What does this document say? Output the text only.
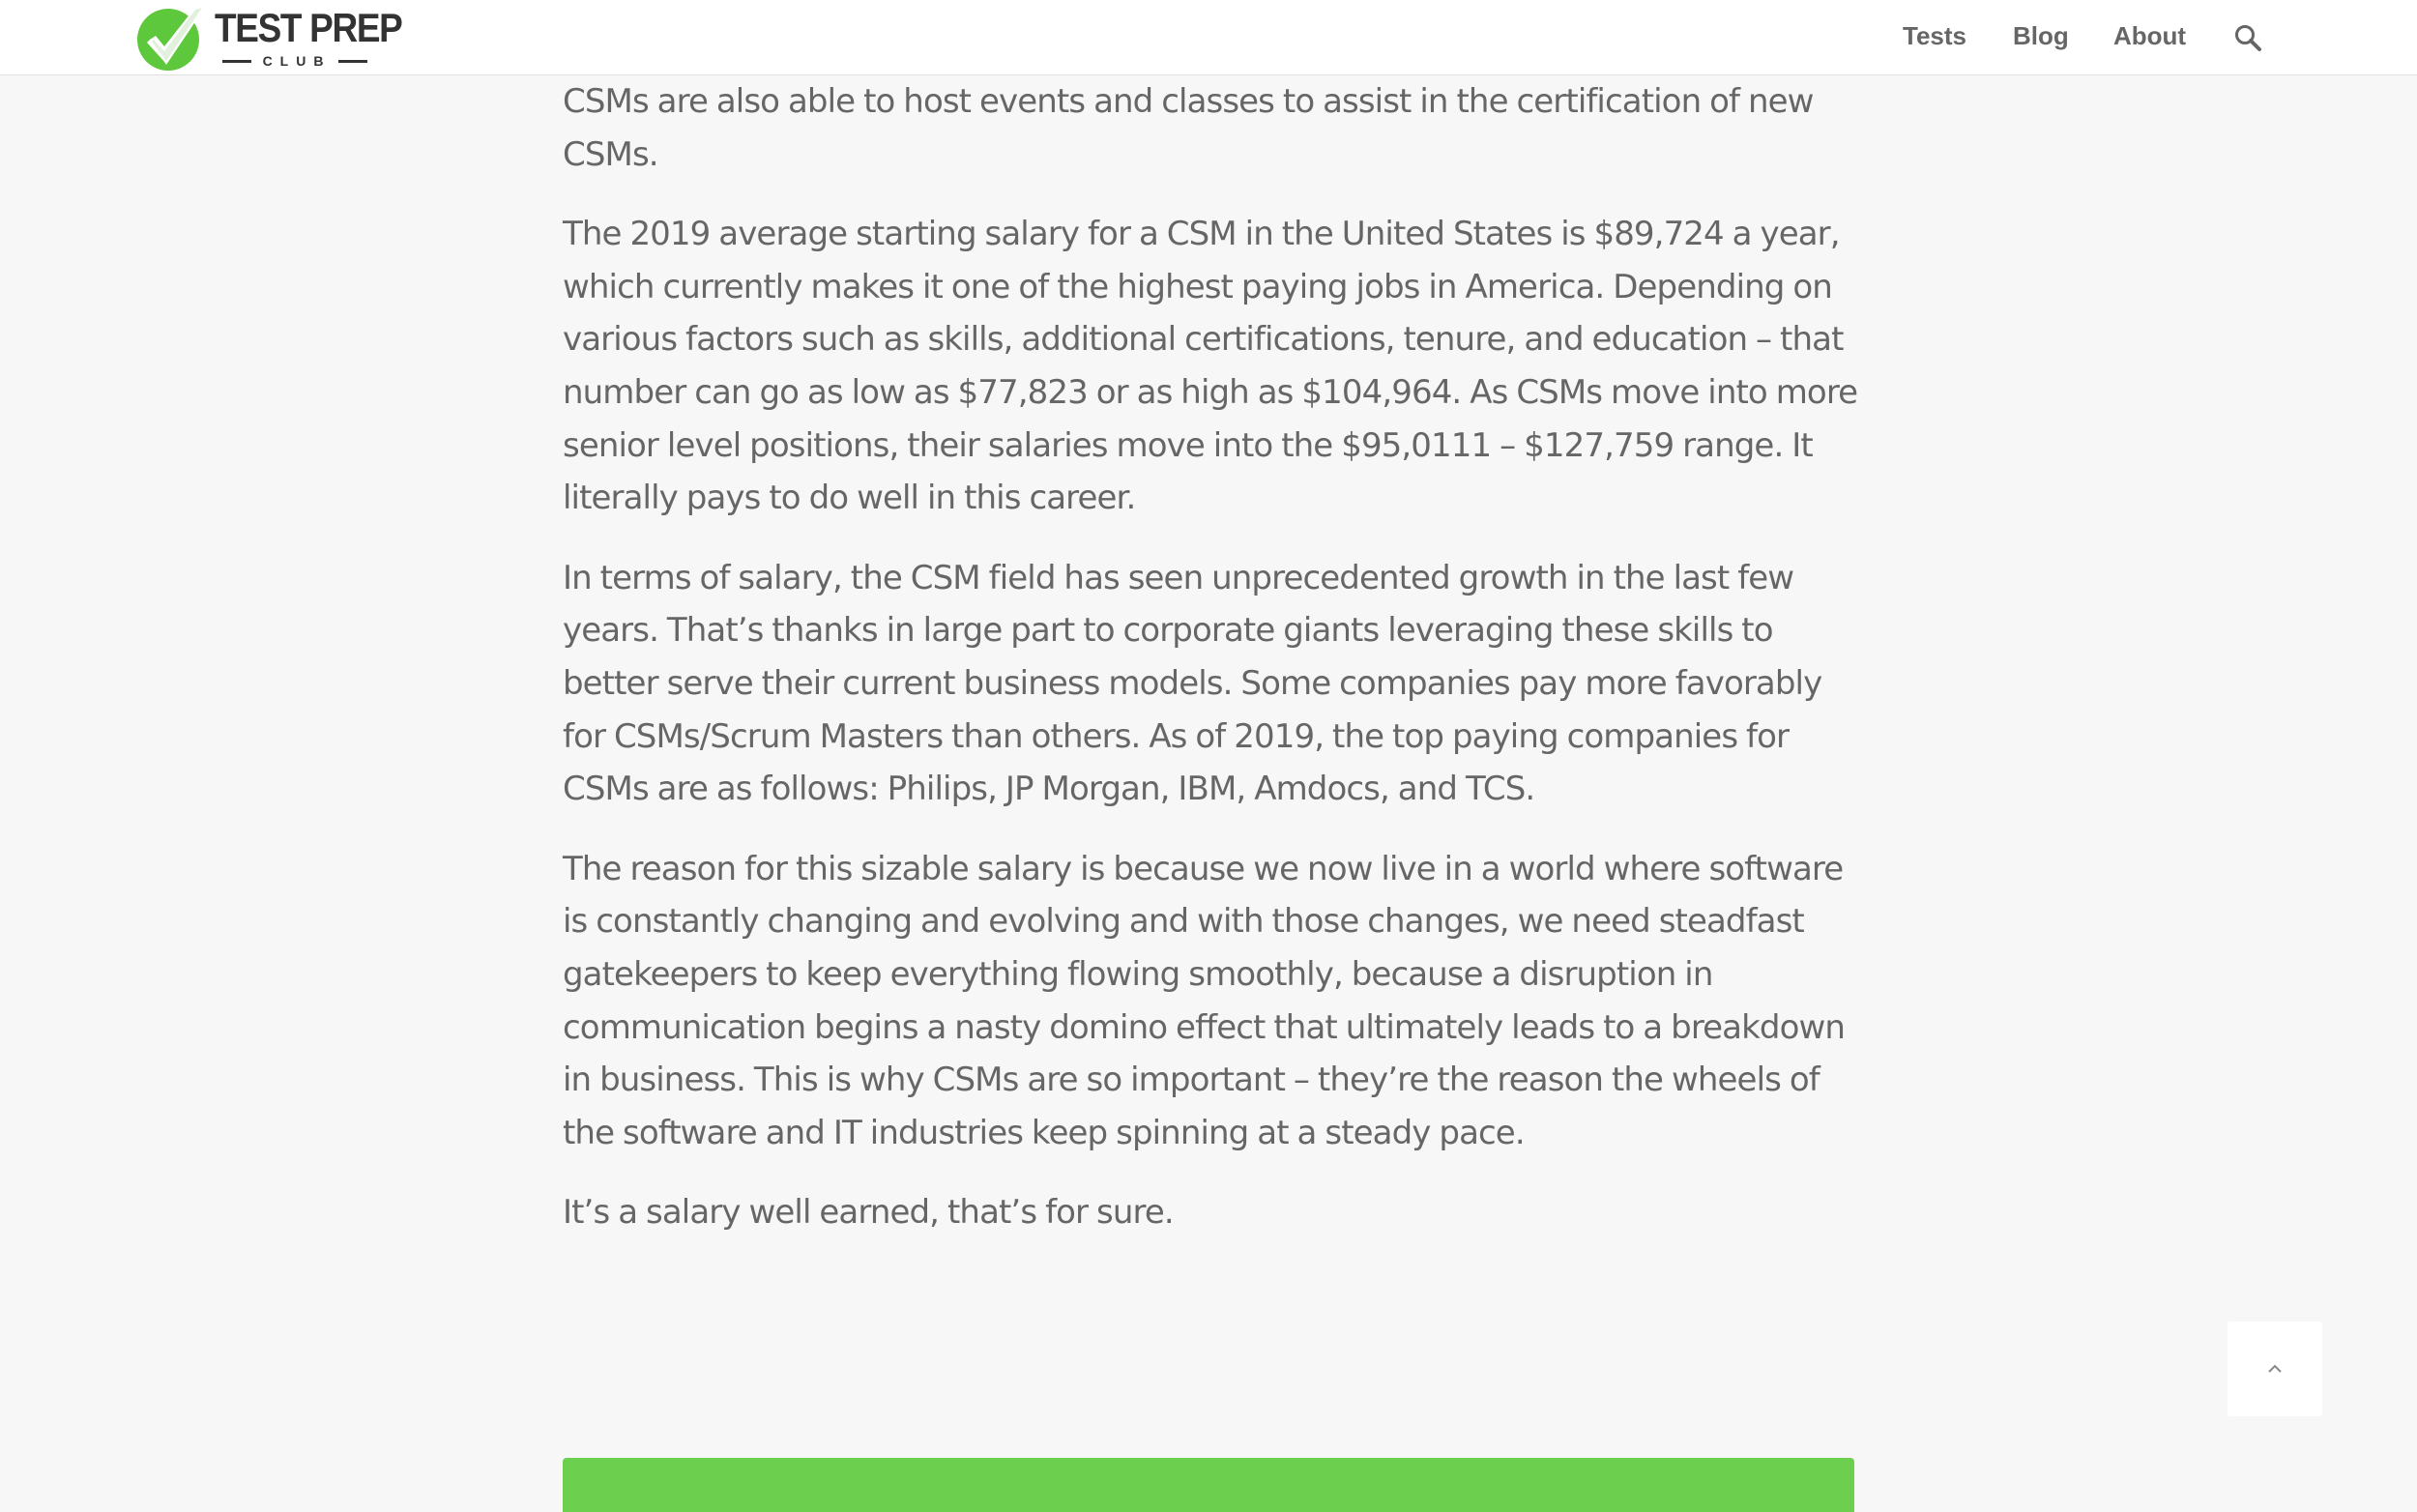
TEST PREP
CLUB
Tests Blog About

CSMs are also able to host events and classes to assist in the certification of new CSMs.

The 2019 average starting salary for a CSM in the United States is $89,724 a year, which currently makes it one of the highest paying jobs in America. Depending on various factors such as skills, additional certifications, tenure, and education – that number can go as low as $77,823 or as high as $104,964. As CSMs move into more senior level positions, their salaries move into the $95,0111 – $127,759 range. It literally pays to do well in this career.

In terms of salary, the CSM field has seen unprecedented growth in the last few years. That’s thanks in large part to corporate giants leveraging these skills to better serve their current business models. Some companies pay more favorably for CSMs/Scrum Masters than others. As of 2019, the top paying companies for CSMs are as follows: Philips, JP Morgan, IBM, Amdocs, and TCS.

The reason for this sizable salary is because we now live in a world where software is constantly changing and evolving and with those changes, we need steadfast gatekeepers to keep everything flowing smoothly, because a disruption in communication begins a nasty domino effect that ultimately leads to a breakdown in business. This is why CSMs are so important – they’re the reason the wheels of the software and IT industries keep spinning at a steady pace.

It’s a salary well earned, that’s for sure.
